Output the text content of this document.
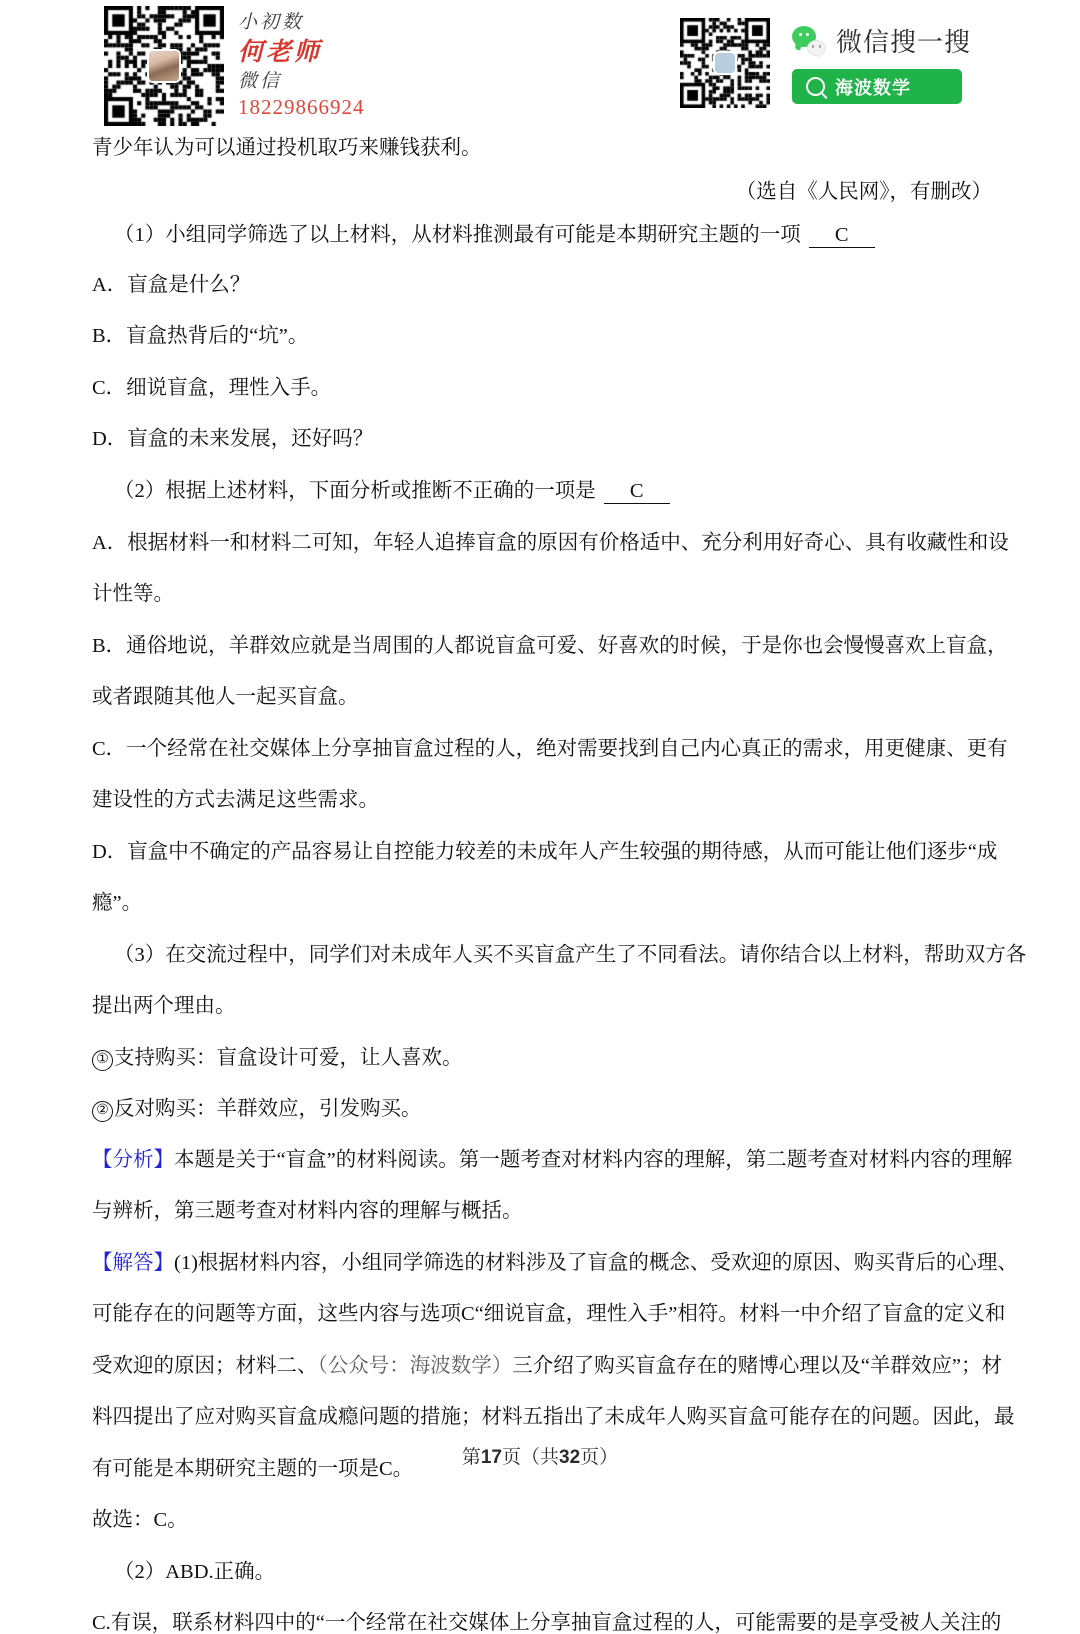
小初数
何老师
微信
18229866924
微信搜一搜
海波数学
青少年认为可以通过投机取巧来赚钱获利。
（选自《人民网》，有删改）
（1）小组同学筛选了以上材料，从材料推测最有可能是本期研究主题的一项 C
A．盲盒是什么？
B．盲盒热背后的“坑”。
C．细说盲盒，理性入手。
D．盲盒的未来发展，还好吗？
（2）根据上述材料，下面分析或推断不正确的一项是 C
A．根据材料一和材料二可知，年轻人追捧盲盒的原因有价格适中、充分利用好奇心、具有收藏性和设
计性等。
B．通俗地说，羊群效应就是当周围的人都说盲盒可爱、好喜欢的时候，于是你也会慢慢喜欢上盲盒，
或者跟随其他人一起买盲盒。
C．一个经常在社交媒体上分享抽盲盒过程的人，绝对需要找到自己内心真正的需求，用更健康、更有
建设性的方式去满足这些需求。
D．盲盒中不确定的产品容易让自控能力较差的未成年人产生较强的期待感，从而可能让他们逐步“成
瘾”。
（3）在交流过程中，同学们对未成年人买不买盲盒产生了不同看法。请你结合以上材料，帮助双方各
提出两个理由。
① 支持购买：盲盒设计可爱，让人喜欢。
② 反对购买：羊群效应，引发购买。
【分析】本题是关于“盲盒”的材料阅读。第一题考查对材料内容的理解，第二题考查对材料内容的理解
与辨析，第三题考查对材料内容的理解与概括。
【解答】(1)根据材料内容，小组同学筛选的材料涉及了盲盒的概念、受欢迎的原因、购买背后的心理、
可能存在的问题等方面，这些内容与选项C“细说盲盒，理性入手”相符。材料一中介绍了盲盒的定义和
受欢迎的原因；材料二、（公众号：海波数学）三介绍了购买盲盒存在的赌博心理以及“羊群效应”；材
料四提出了应对购买盲盒成瘾问题的措施；材料五指出了未成年人购买盲盒可能存在的问题。因此，最
有可能是本期研究主题的一项是C。
故选：C。
（2）ABD.正确。
C.有误，联系材料四中的“一个经常在社交媒体上分享抽盲盒过程的人，可能需要的是享受被人关注的
第17页（共32页）
